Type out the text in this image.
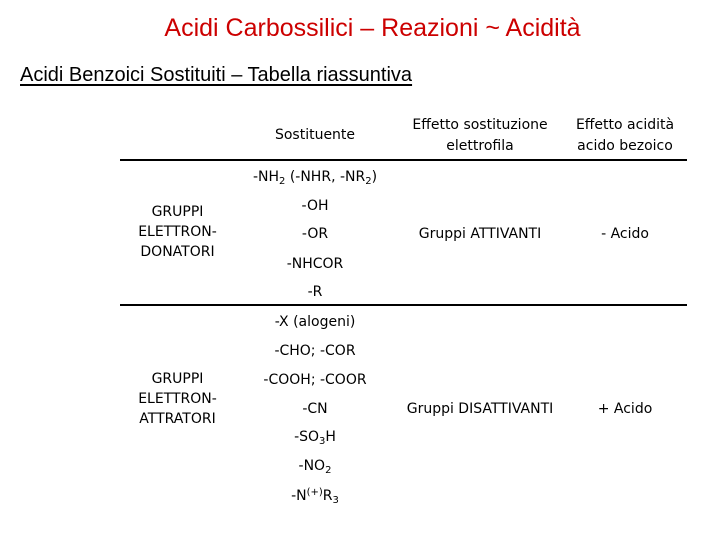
Acidi Carbossilici – Reazioni ~ Acidità
Acidi Benzoici Sostituiti – Tabella riassuntiva
Sostituente
Effetto sostituzione
elettrofila
Effetto acidità
acido bezoico
GRUPPI
ELETTRON-
DONATORI
$-NH_2$ (-NHR, $-NR_2$)
-OH
-OR
-NHCOR
-R
Gruppi ATTIVANTI	- Acido
GRUPPI
ELETTRON-
ATTRATORI
-X (alogeni)
-CHO; -COR
-COOH; -COOR
-CN
$-SO_3H$
$-NO_2$
$-N^{(+)}R_3$
Gruppi DISATTIVANTI	+ Acido
